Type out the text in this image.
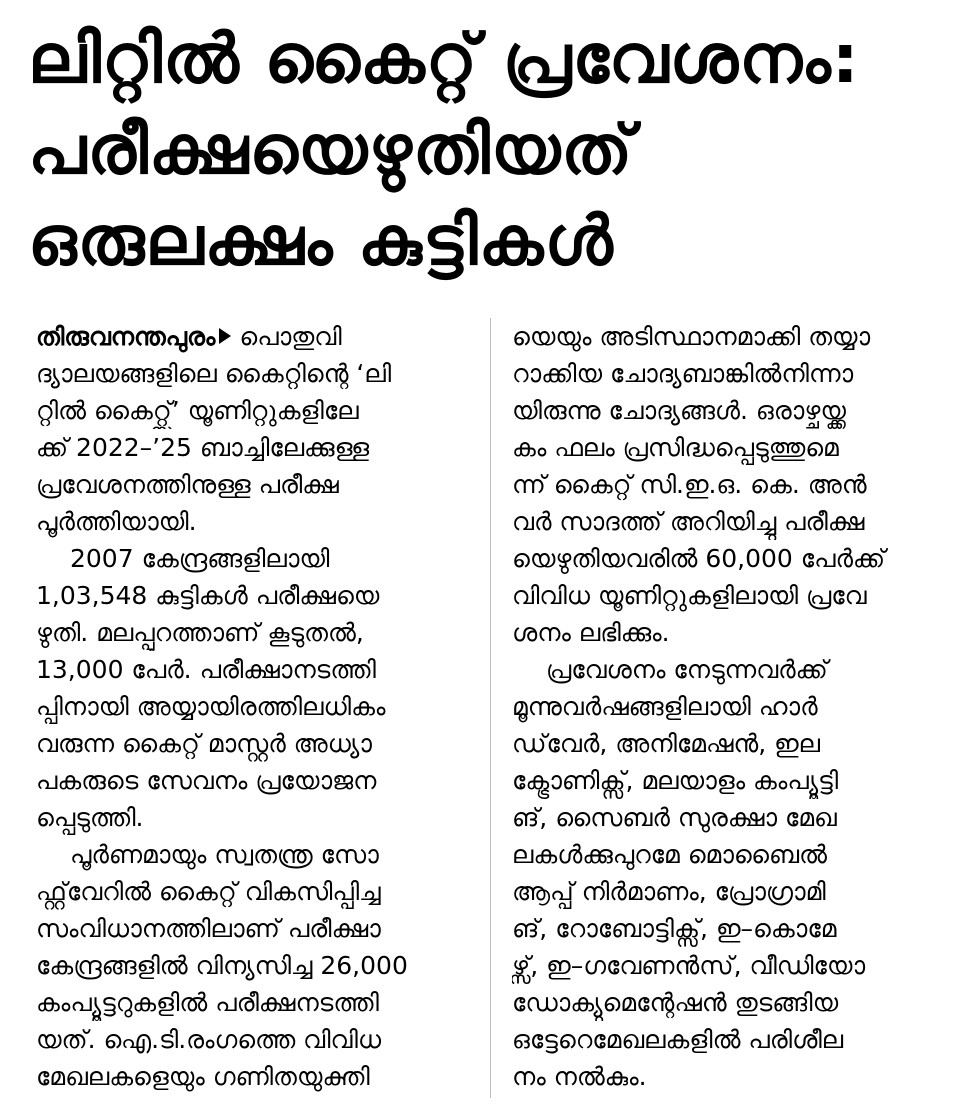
ലിറ്റിൽ കൈറ്റ് പ്രവേശനം:
പരീക്ഷയെഴുതിയത്
ഒരുലക്ഷം കുട്ടികൾ
തിരുവനന്തപുരം പൊതുവി
ദ്യാലയങ്ങളിലെ കൈറ്റിന്റെ ‘ലി
റ്റിൽ കൈറ്റ്സ്’ യൂണിറ്റുകളിലേ
ക്ക് 2022–’25 ബാച്ചിലേക്കുള്ള
പ്രവേശനത്തിനുള്ള പരീക്ഷ
പൂർത്തിയായി.
2007 കേന്ദ്രങ്ങളിലായി
1,03,548 കുട്ടികൾ പരീക്ഷയെ
ഴുതി. മലപ്പുറത്താണ് കൂടുതൽ,
13,000 പേർ. പരീക്ഷാനടത്തി
പ്പിനായി അയ്യായിരത്തിലധികം
വരുന്ന കൈറ്റ് മാസ്റ്റർ അധ്യാ
പകരുടെ സേവനം പ്രയോജന
പ്പെടുത്തി.
പൂർണമായും സ്വതന്ത്ര സോ
ഫ്റ്റ്‌വേറിൽ കൈറ്റ് വികസിപ്പിച്ച
സംവിധാനത്തിലാണ് പരീക്ഷാ
കേന്ദ്രങ്ങളിൽ വിന്യസിച്ച 26,000
കംപ്യൂട്ടറുകളിൽ പരീക്ഷനടത്തി
യത്. ഐ.ടി.രംഗത്തെ വിവിധ
മേഖലകളെയും ഗണിതയുക്തി
യെയും അടിസ്ഥാനമാക്കി തയ്യാ
റാക്കിയ ചോദ്യബാങ്കിൽനിന്നാ
യിരുന്നു ചോദ്യങ്ങൾ. ഒരാഴ്ചയ്ക്ക
കം ഫലം പ്രസിദ്ധപ്പെടുത്തുമെ
ന്ന് കൈറ്റ് സി.ഇ.ഒ. കെ. അൻ
വർ സാദത്ത് അറിയിച്ചു പരീക്ഷ
യെഴുതിയവരിൽ 60,000 പേർക്ക്
വിവിധ യൂണിറ്റുകളിലായി പ്രവേ
ശനം ലഭിക്കും.
പ്രവേശനം നേടുന്നവർക്ക്
മൂന്നുവർഷങ്ങളിലായി ഹാർ
ഡ്‌വേർ, അനിമേഷൻ, ഇല
ക്ട്രോണിക്സ്, മലയാളം കംപ്യൂട്ടി
ങ്, സൈബർ സുരക്ഷാ മേഖ
ലകൾക്കുപുറമേ മൊബൈൽ
ആപ്പ് നിർമാണം, പ്രോഗ്രാമി
ങ്, റോബോട്ടിക്സ്, ഇ–കൊമേ
ഴ്സ്, ഇ–ഗവേണൻസ്, വീഡിയോ
ഡോക്യുമെന്റേഷൻ തുടങ്ങിയ
ഒട്ടേറെമേഖലകളിൽ പരിശീല
നം നൽകും.
